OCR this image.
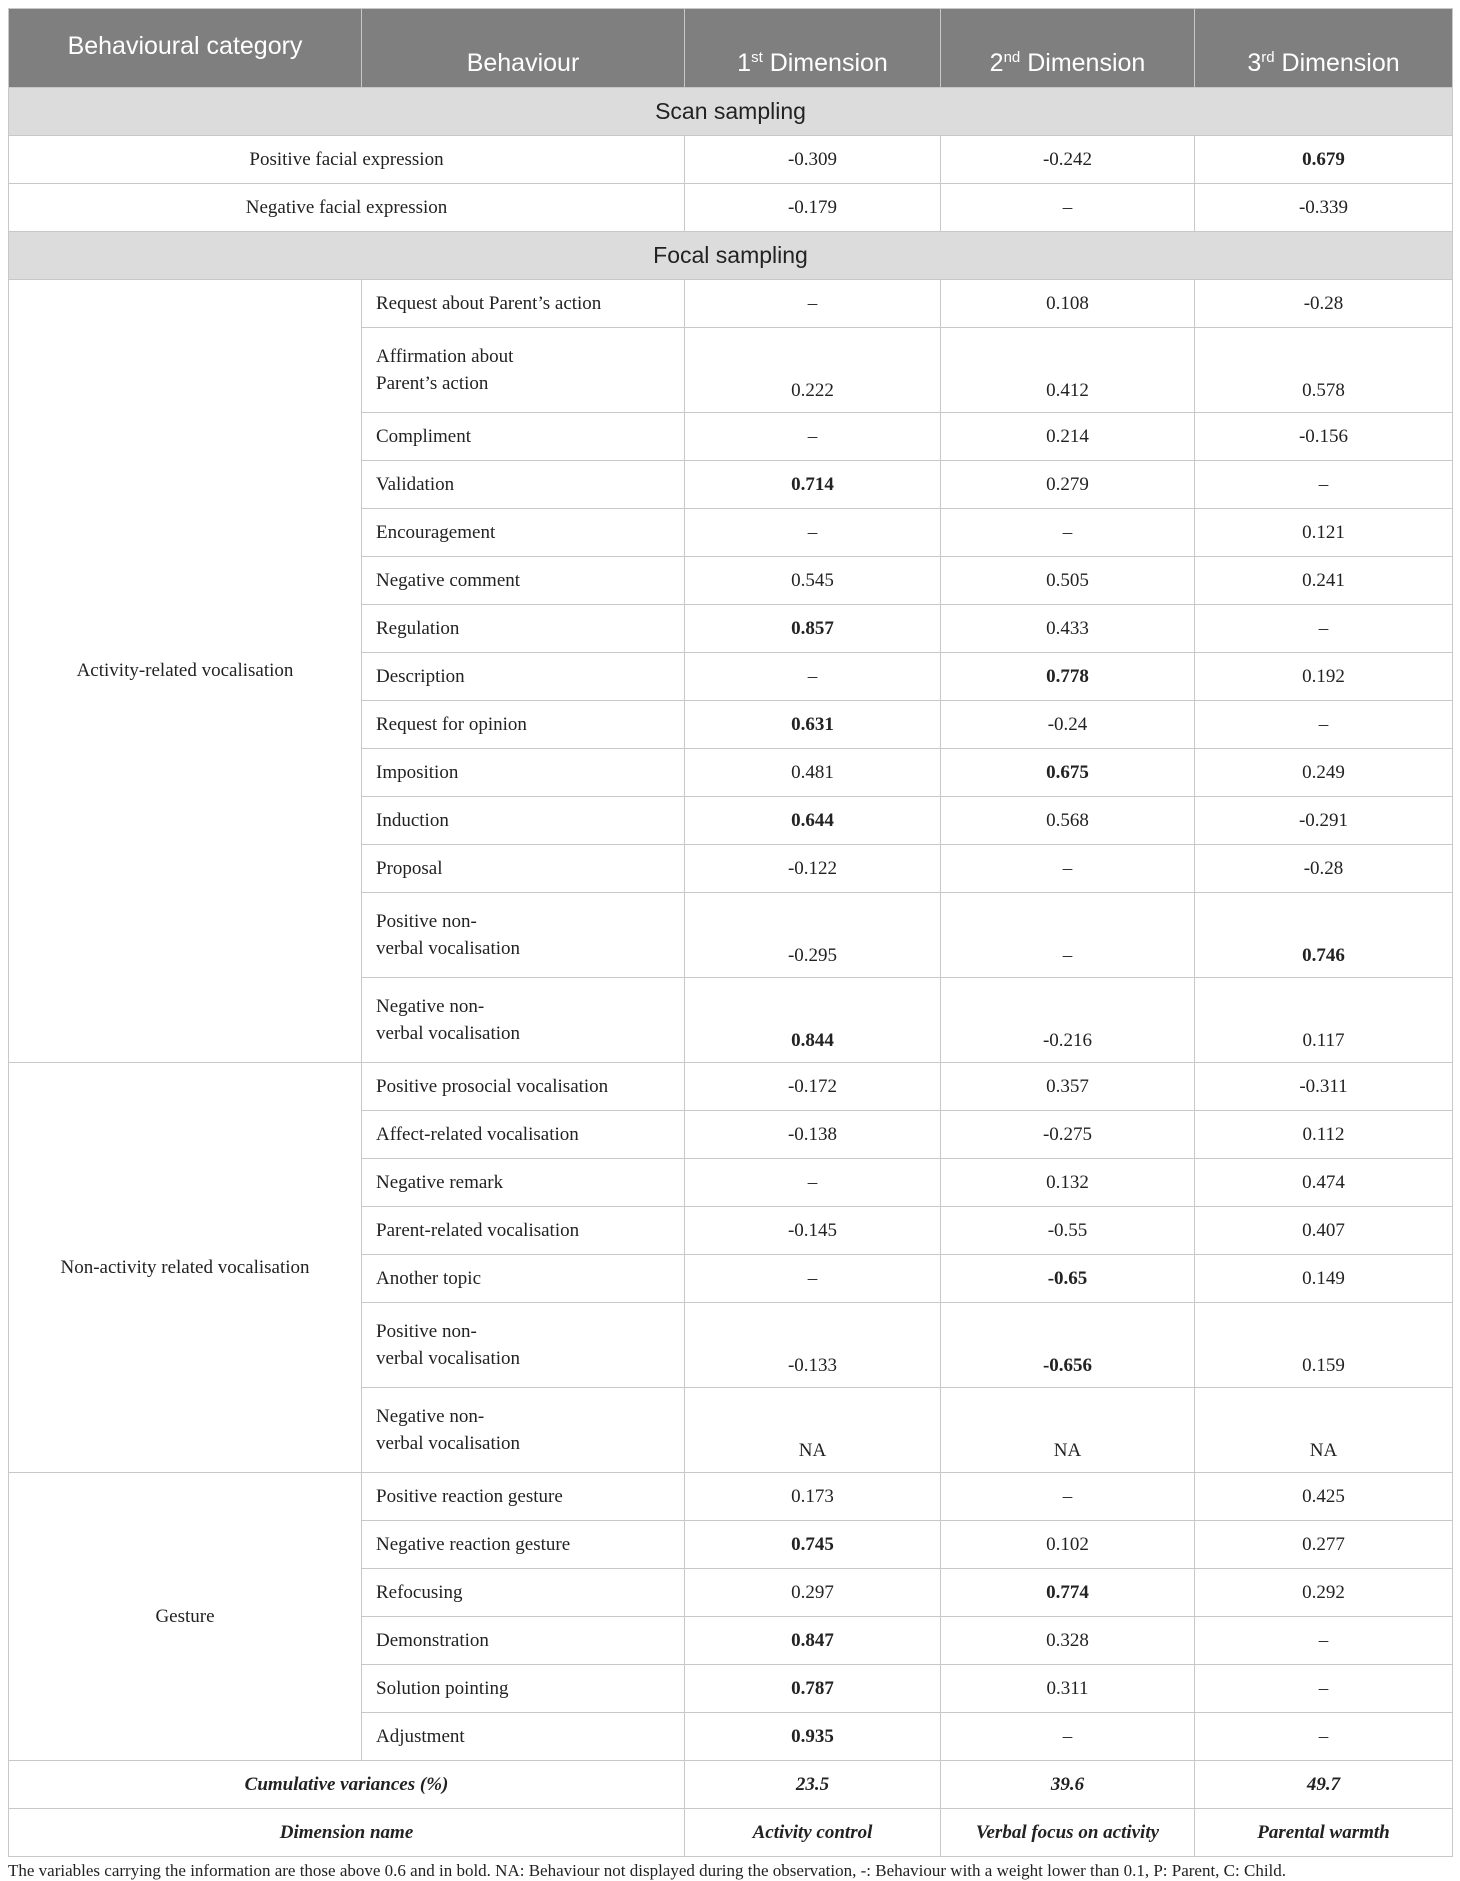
Behavioural category	Behaviour	1st Dimension	2nd Dimension	3rd Dimension
Scan sampling				
Positive facial expression		-0.309	-0.242	0.679
Negative facial expression		-0.179	–	-0.339
Focal sampling				
Activity-related vocalisation	Request about Parent’s action	–	0.108	-0.28
	Affirmation about
Parent’s action	0.222	0.412	0.578
	Compliment	–	0.214	-0.156
	Validation	0.714	0.279	–
	Encouragement	–	–	0.121
	Negative comment	0.545	0.505	0.241
	Regulation	0.857	0.433	–
	Description	–	0.778	0.192
	Request for opinion	0.631	-0.24	–
	Imposition	0.481	0.675	0.249
	Induction	0.644	0.568	-0.291
	Proposal	-0.122	–	-0.28
	Positive non-
verbal vocalisation	-0.295	–	0.746
	Negative non-
verbal vocalisation	0.844	-0.216	0.117
Non-activity related vocalisation	Positive prosocial vocalisation	-0.172	0.357	-0.311
	Affect-related vocalisation	-0.138	-0.275	0.112
	Negative remark	–	0.132	0.474
	Parent-related vocalisation	-0.145	-0.55	0.407
	Another topic	–	-0.65	0.149
	Positive non-
verbal vocalisation	-0.133	-0.656	0.159
	Negative non-
verbal vocalisation	NA	NA	NA
Gesture	Positive reaction gesture	0.173	–	0.425
	Negative reaction gesture	0.745	0.102	0.277
	Refocusing	0.297	0.774	0.292
	Demonstration	0.847	0.328	–
	Solution pointing	0.787	0.311	–
	Adjustment	0.935	–	–
Cumulative variances (%)		23.5	39.6	49.7
Dimension name		Activity control	Verbal focus on activity	Parental warmth
The variables carrying the information are those above 0.6 and in bold. NA: Behaviour not displayed during the observation, -: Behaviour with a weight lower than 0.1, P: Parent, C: Child.
